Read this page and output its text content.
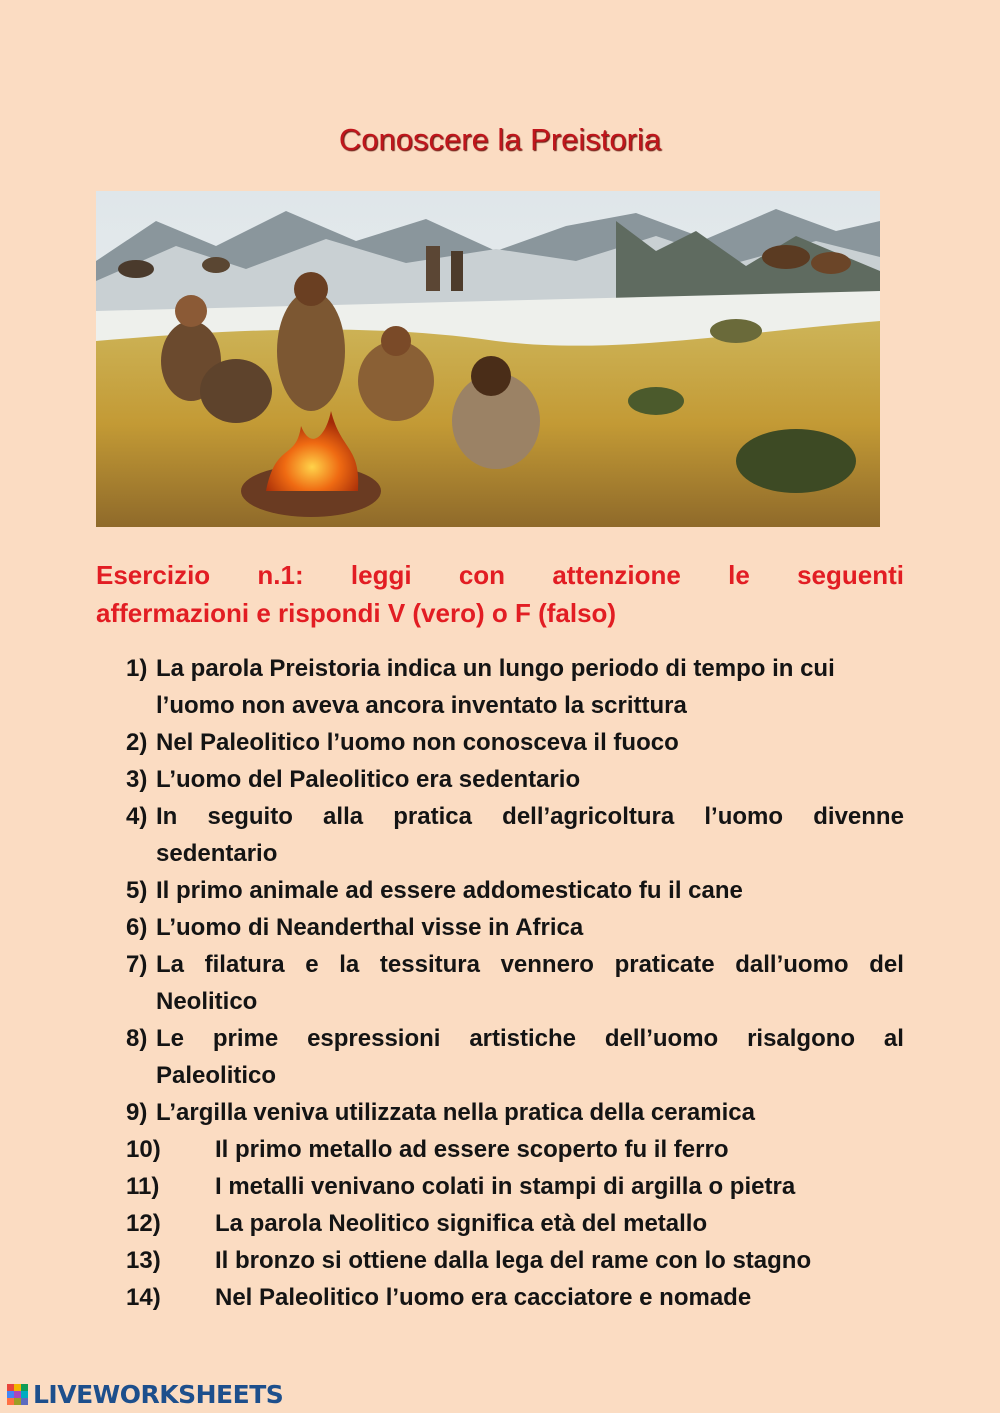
Conoscere la Preistoria
Esercizio n.1: leggi con attenzione le seguenti
affermazioni e rispondi V (vero) o F (falso)
1) La parola Preistoria indica un lungo periodo di tempo in cui
l’uomo non aveva ancora inventato la scrittura
2) Nel Paleolitico l’uomo non conosceva il fuoco
3) L’uomo del Paleolitico era sedentario
4) In seguito alla pratica dell’agricoltura l’uomo divenne
sedentario
5) Il primo animale ad essere addomesticato fu il cane
6) L’uomo di Neanderthal visse in Africa
7) La filatura e la tessitura vennero praticate dall’uomo del
Neolitico
8) Le prime espressioni artistiche dell’uomo risalgono al
Paleolitico
9) L’argilla veniva utilizzata nella pratica della ceramica
10) Il primo metallo ad essere scoperto fu il ferro
11) I metalli venivano colati in stampi di argilla o pietra
12) La parola Neolitico significa età del metallo
13) Il bronzo si ottiene dalla lega del rame con lo stagno
14) Nel Paleolitico l’uomo era cacciatore e nomade
LIVEWORKSHEETS
